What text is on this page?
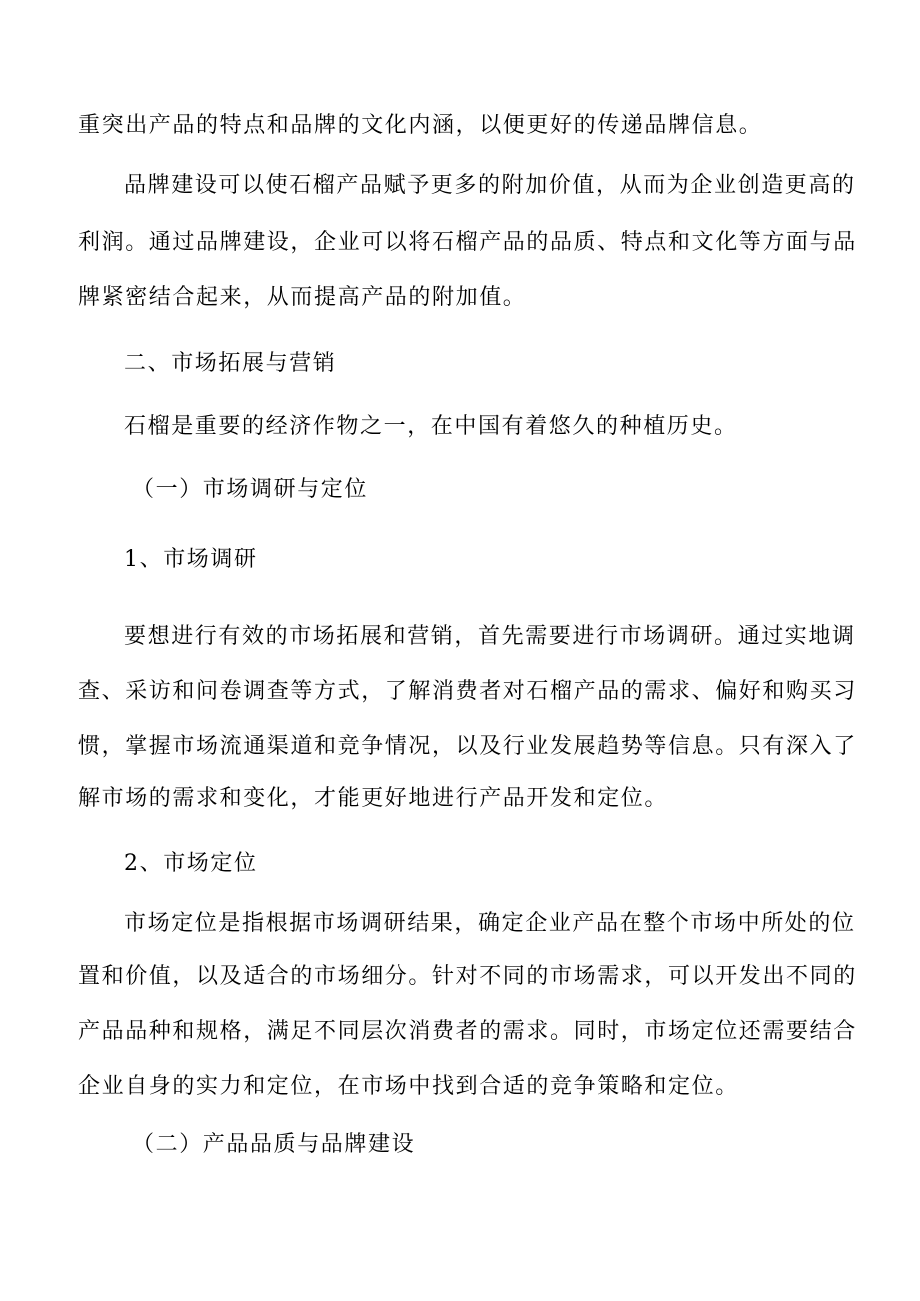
重突出产品的特点和品牌的文化内涵，以便更好的传递品牌信息。
品牌建设可以使石榴产品赋予更多的附加价值，从而为企业创造更高的
利润。通过品牌建设，企业可以将石榴产品的品质、特点和文化等方面与品
牌紧密结合起来，从而提高产品的附加值。
二、市场拓展与营销
石榴是重要的经济作物之一，在中国有着悠久的种植历史。
（一）市场调研与定位
1、市场调研
要想进行有效的市场拓展和营销，首先需要进行市场调研。通过实地调
查、采访和问卷调查等方式，了解消费者对石榴产品的需求、偏好和购买习
惯，掌握市场流通渠道和竞争情况，以及行业发展趋势等信息。只有深入了
解市场的需求和变化，才能更好地进行产品开发和定位。
2、市场定位
市场定位是指根据市场调研结果，确定企业产品在整个市场中所处的位
置和价值，以及适合的市场细分。针对不同的市场需求，可以开发出不同的
产品品种和规格，满足不同层次消费者的需求。同时，市场定位还需要结合
企业自身的实力和定位，在市场中找到合适的竞争策略和定位。
（二）产品品质与品牌建设
